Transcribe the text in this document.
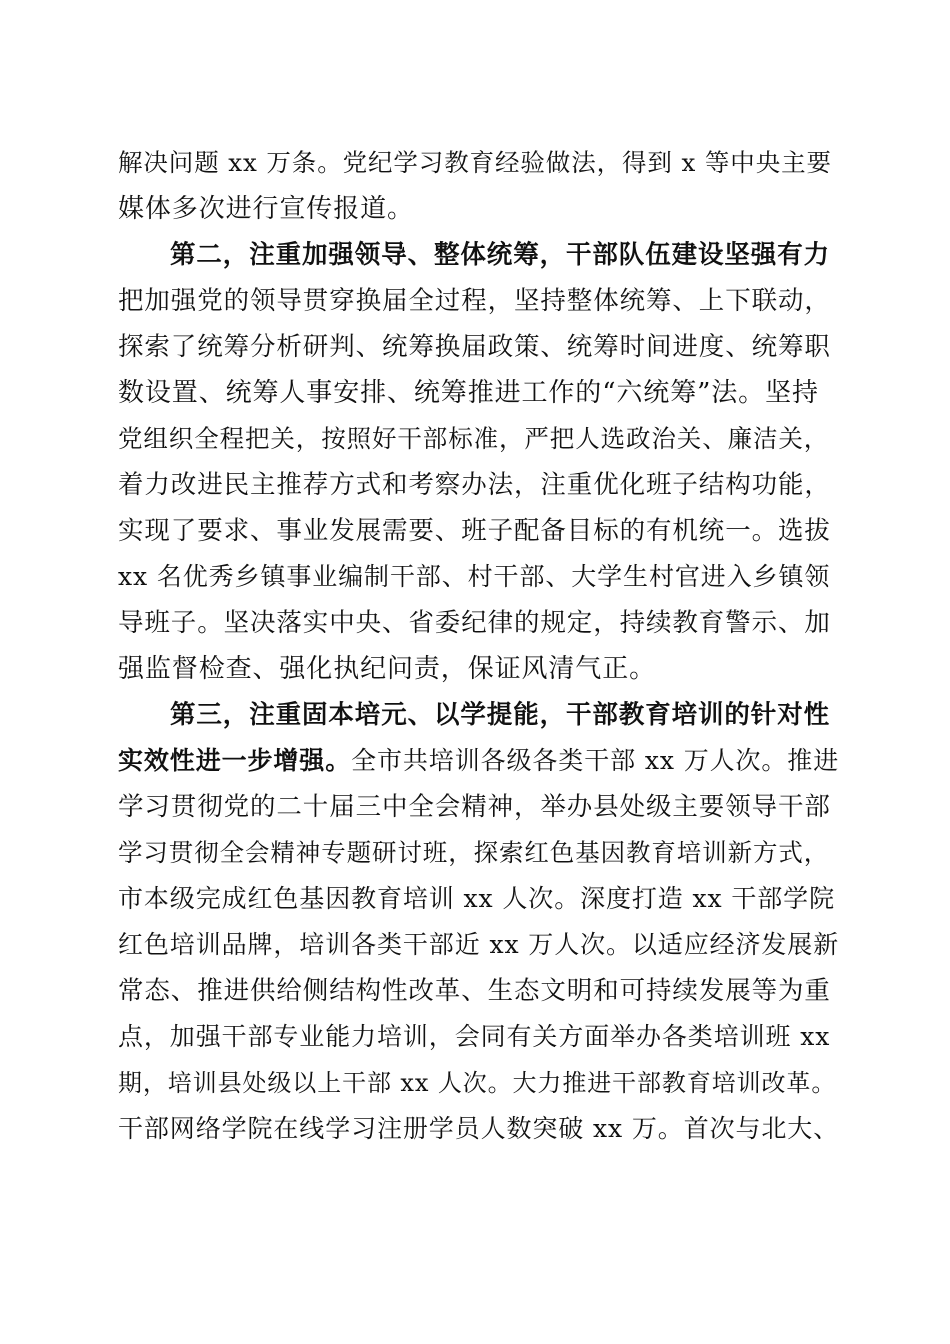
解决问题 xx 万条。党纪学习教育经验做法，得到 x 等中央主要
媒体多次进行宣传报道。
第二，注重加强领导、整体统筹，干部队伍建设坚强有力
把加强党的领导贯穿换届全过程，坚持整体统筹、上下联动，
探索了统筹分析研判、统筹换届政策、统筹时间进度、统筹职
数设置、统筹人事安排、统筹推进工作的“六统筹”法。坚持
党组织全程把关，按照好干部标准，严把人选政治关、廉洁关，
着力改进民主推荐方式和考察办法，注重优化班子结构功能，
实现了要求、事业发展需要、班子配备目标的有机统一。选拔
xx 名优秀乡镇事业编制干部、村干部、大学生村官进入乡镇领
导班子。坚决落实中央、省委纪律的规定，持续教育警示、加
强监督检查、强化执纪问责，保证风清气正。
第三，注重固本培元、以学提能，干部教育培训的针对性
实效性进一步增强。全市共培训各级各类干部 xx 万人次。推进
学习贯彻党的二十届三中全会精神，举办县处级主要领导干部
学习贯彻全会精神专题研讨班，探索红色基因教育培训新方式，
市本级完成红色基因教育培训 xx 人次。深度打造 xx 干部学院
红色培训品牌，培训各类干部近 xx 万人次。以适应经济发展新
常态、推进供给侧结构性改革、生态文明和可持续发展等为重
点，加强干部专业能力培训，会同有关方面举办各类培训班 xx
期，培训县处级以上干部 xx 人次。大力推进干部教育培训改革。
干部网络学院在线学习注册学员人数突破 xx 万。首次与北大、
